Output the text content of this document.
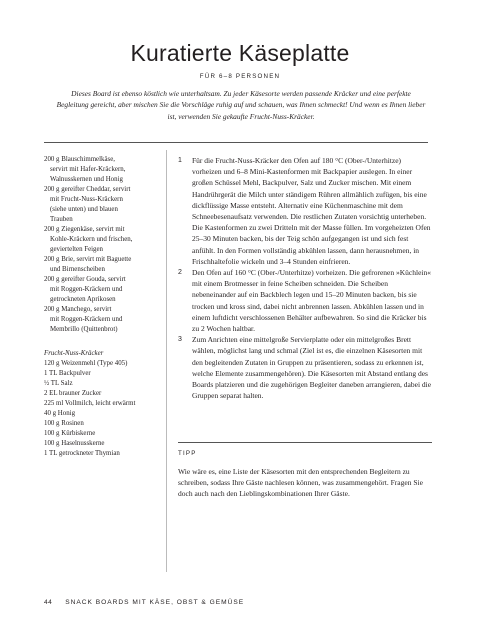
Kuratierte Käseplatte
FÜR 6–8 PERSONEN

Dieses Board ist ebenso köstlich wie unterhaltsam. Zu jeder Käsesorte werden passende Kräcker und eine perfekte Begleitung gereicht, aber mischen Sie die Vorschläge ruhig auf und schauen, was Ihnen schmeckt! Und wenn es Ihnen lieber ist, verwenden Sie gekaufte Frucht-Nuss-Kräcker.

200 g Blauschimmelkäse,
servirt mit Hafer-Kräckern,
Walnusskernen und Honig
200 g gereifter Cheddar, servirt
mit Frucht-Nuss-Kräckern
(siehe unten) und blauen
Trauben
200 g Ziegenkäse, servirt mit
Kohle-Kräckern und frischen,
geviertelten Feigen
200 g Brie, servirt mit Baguette
und Birnenscheiben
200 g gereifter Gouda, servirt
mit Roggen-Kräckern und
getrockneten Aprikosen
200 g Manchego, servirt
mit Roggen-Kräckern und
Membrillo (Quittenbrot)
Frucht-Nuss-Kräcker
120 g Weizenmehl (Type 405)
1 TL Backpulver
½ TL Salz
2 EL brauner Zucker
225 ml Vollmilch, leicht erwärmt
40 g Honig
100 g Rosinen
100 g Kürbiskerne
100 g Haselnusskerne
1 TL getrockneter Thymian
1 Für die Frucht-Nuss-Kräcker den Ofen auf 180 °C (Ober-/Unterhitze) vorheizen und 6–8 Mini-Kastenformen mit Backpapier auslegen. In einer großen Schüssel Mehl, Backpulver, Salz und Zucker mischen. Mit einem Handrührgerät die Milch unter ständigem Rühren allmählich zufügen, bis eine dickflüssige Masse entsteht. Alternativ eine Küchenmaschine mit dem Schneebesenaufsatz verwenden. Die restlichen Zutaten vorsichtig unterheben. Die Kastenformen zu zwei Dritteln mit der Masse füllen. Im vorgeheizten Ofen 25–30 Minuten backen, bis der Teig schön aufgegangen ist und sich fest anfühlt. In den Formen vollständig abkühlen lassen, dann herausnehmen, in Frischhaltefolie wickeln und 3–4 Stunden einfrieren.
2 Den Ofen auf 160 °C (Ober-/Unterhitze) vorheizen. Die gefrorenen »Küchlein« mit einem Brotmesser in feine Scheiben schneiden. Die Scheiben nebeneinander auf ein Backblech legen und 15–20 Minuten backen, bis sie trocken und kross sind, dabei nicht anbrennen lassen. Abkühlen lassen und in einem luftdicht verschlossenen Behälter aufbewahren. So sind die Kräcker bis zu 2 Wochen haltbar.
3 Zum Anrichten eine mittelgroße Servierplatte oder ein mittelgroßes Brett wählen, möglichst lang und schmal (Ziel ist es, die einzelnen Käsesorten mit den begleitenden Zutaten in Gruppen zu präsentieren, sodass zu erkennen ist, welche Elemente zusammengehören). Die Käsesorten mit Abstand entlang des Boards platzieren und die zugehörigen Begleiter daneben arrangieren, dabei die Gruppen separat halten.
TIPP
Wie wäre es, eine Liste der Käsesorten mit den entsprechenden Begleitern zu schreiben, sodass Ihre Gäste nachlesen können, was zusammengehört. Fragen Sie doch auch nach den Lieblingskombinationen Ihrer Gäste.
44 SNACK BOARDS MIT KÄSE, OBST & GEMÜSE
